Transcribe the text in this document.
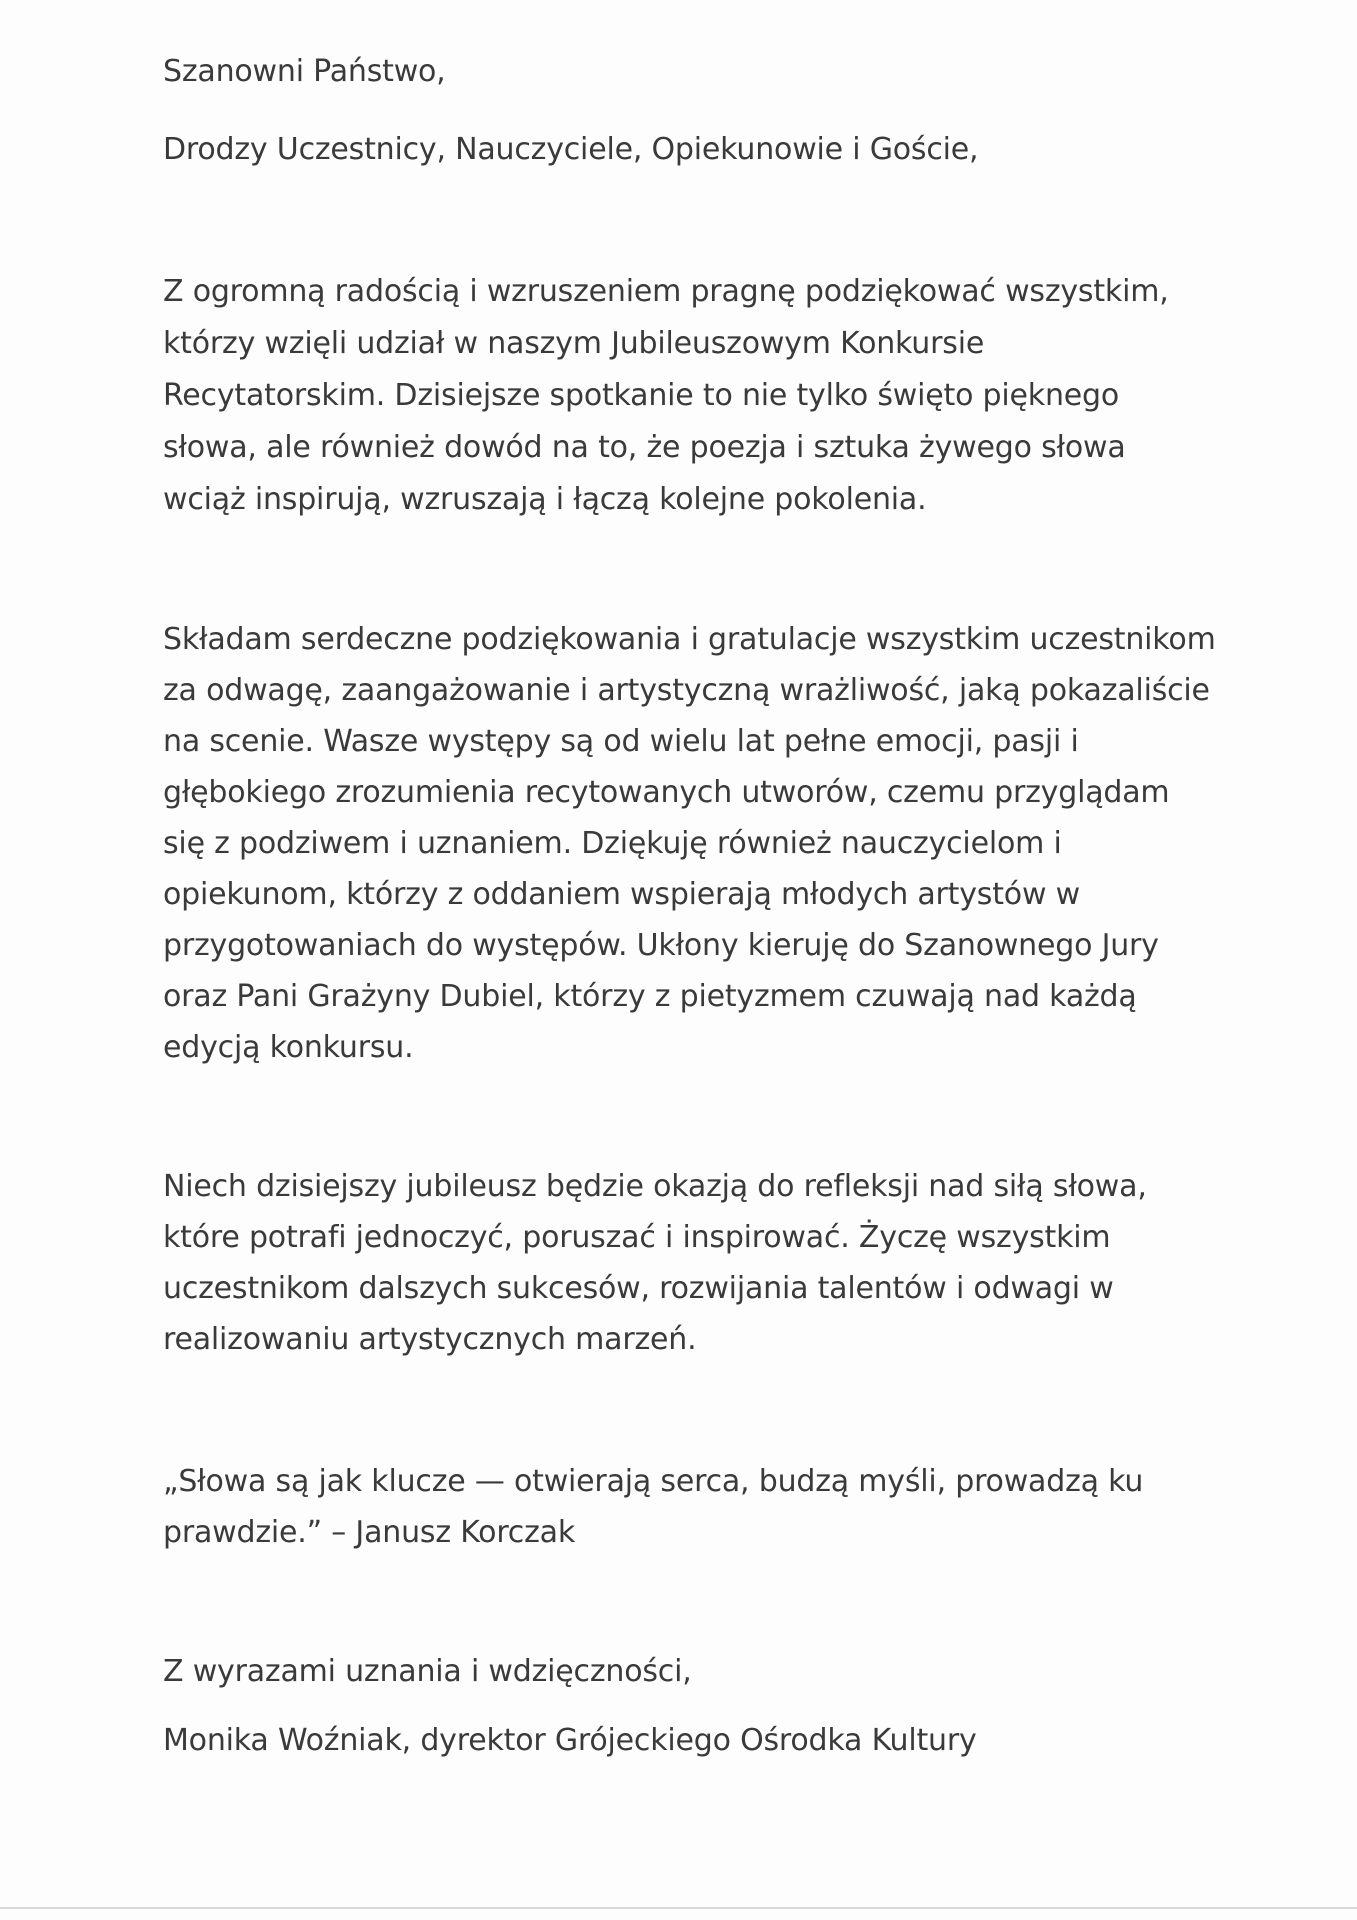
Szanowni Państwo,
Drodzy Uczestnicy, Nauczyciele, Opiekunowie i Goście,
Z ogromną radością i wzruszeniem pragnę podziękować wszystkim,
którzy wzięli udział w naszym Jubileuszowym Konkursie
Recytatorskim. Dzisiejsze spotkanie to nie tylko święto pięknego
słowa, ale również dowód na to, że poezja i sztuka żywego słowa
wciąż inspirują, wzruszają i łączą kolejne pokolenia.
Składam serdeczne podziękowania i gratulacje wszystkim uczestnikom
za odwagę, zaangażowanie i artystyczną wrażliwość, jaką pokazaliście
na scenie. Wasze występy są od wielu lat pełne emocji, pasji i
głębokiego zrozumienia recytowanych utworów, czemu przyglądam
się z podziwem i uznaniem. Dziękuję również nauczycielom i
opiekunom, którzy z oddaniem wspierają młodych artystów w
przygotowaniach do występów. Ukłony kieruję do Szanownego Jury
oraz Pani Grażyny Dubiel, którzy z pietyzmem czuwają nad każdą
edycją konkursu.
Niech dzisiejszy jubileusz będzie okazją do refleksji nad siłą słowa,
które potrafi jednoczyć, poruszać i inspirować. Życzę wszystkim
uczestnikom dalszych sukcesów, rozwijania talentów i odwagi w
realizowaniu artystycznych marzeń.
„Słowa są jak klucze — otwierają serca, budzą myśli, prowadzą ku
prawdzie.” – Janusz Korczak
Z wyrazami uznania i wdzięczności,
Monika Woźniak, dyrektor Grójeckiego Ośrodka Kultury
